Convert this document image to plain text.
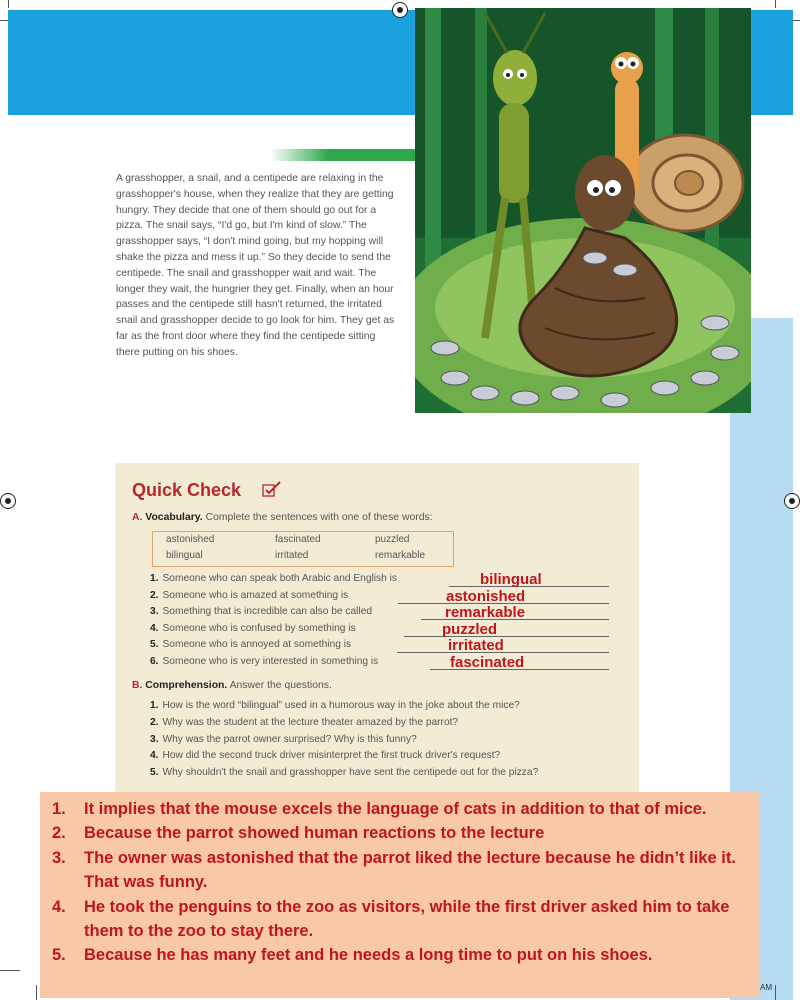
A grasshopper, a snail, and a centipede are relaxing in the grasshopper's house, when they realize that they are getting hungry. They decide that one of them should go out for a pizza. The snail says, “I'd go, but I'm kind of slow.” The grasshopper says, “I don't mind going, but my hopping will shake the pizza and mess it up.” So they decide to send the centipede. The snail and grasshopper wait and wait. The longer they wait, the hungrier they get. Finally, when an hour passes and the centipede still hasn't returned, the irritated snail and grasshopper decide to go look for him. They get as far as the front door where they find the centipede sitting there putting on his shoes.

Quick Check

A. Vocabulary. Complete the sentences with one of these words:

astonished	fascinated	puzzled
bilingual	irritated	remarkable
1. Someone who can speak both Arabic and English is	bilingual
2. Someone who is amazed at something is	astonished
3. Something that is incredible can also be called	remarkable
4. Someone who is confused by something is	puzzled
5. Someone who is annoyed at something is	irritated
6. Someone who is very interested in something is	fascinated

B. Comprehension. Answer the questions.

1. How is the word “bilingual” used in a humorous way in the joke about the mice?
2. Why was the student at the lecture theater amazed by the parrot?
3. Why was the parrot owner surprised? Why is this funny?
4. How did the second truck driver misinterpret the first truck driver's request?
5. Why shouldn't the snail and grasshopper have sent the centipede out for the pizza?
1. It implies that the mouse excels the language of cats in addition to that of mice.
2. Because the parrot showed human reactions to the lecture
3. The owner was astonished that the parrot liked the lecture because he didn’t like it. That was funny.
4. He took the penguins to the zoo as visitors, while the first driver asked him to take them to the zoo to stay there.
5. Because he has many feet and he needs a long time to put on his shoes.
AM
